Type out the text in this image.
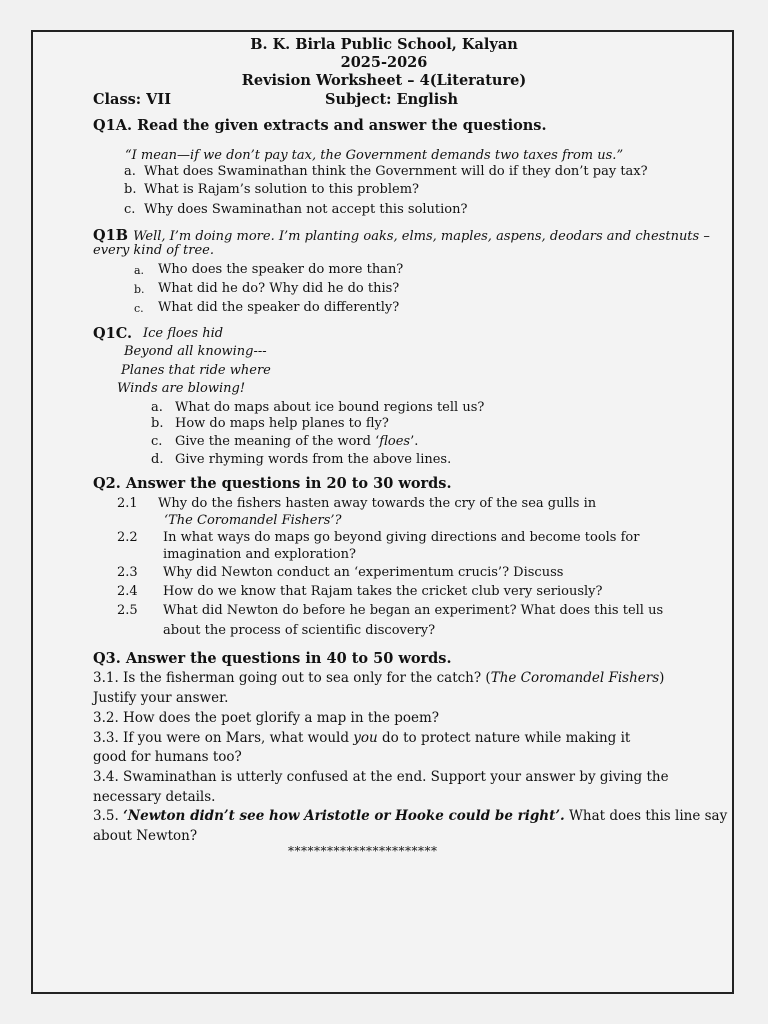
B. K. Birla Public School, Kalyan
2025-2026
Revision Worksheet – 4(Literature)
Class: VII	Subject: English
Q1A. Read the given extracts and answer the questions.
“I mean—if we don’t pay tax, the Government demands two taxes from us.”
a. What does Swaminathan think the Government will do if they don’t pay tax?
b. What is Rajam’s solution to this problem?
c. Why does Swaminathan not accept this solution?
Q1B Well, I’m doing more. I’m planting oaks, elms, maples, aspens, deodars and chestnuts –
every kind of tree.
a. Who does the speaker do more than?
b. What did he do? Why did he do this?
c. What did the speaker do differently?
Q1C. Ice floes hid
Beyond all knowing---
Planes that ride where
Winds are blowing!
a. What do maps about ice bound regions tell us?
b. How do maps help planes to fly?
c. Give the meaning of the word ‘floes’.
d. Give rhyming words from the above lines.
Q2. Answer the questions in 20 to 30 words.
2.1 Why do the fishers hasten away towards the cry of the sea gulls in
‘The Coromandel Fishers’?
2.2 In what ways do maps go beyond giving directions and become tools for
imagination and exploration?
2.3 Why did Newton conduct an ‘experimentum crucis’? Discuss
2.4 How do we know that Rajam takes the cricket club very seriously?
2.5 What did Newton do before he began an experiment? What does this tell us
about the process of scientific discovery?
Q3. Answer the questions in 40 to 50 words.
3.1. Is the fisherman going out to sea only for the catch? (The Coromandel Fishers)
Justify your answer.
3.2. How does the poet glorify a map in the poem?
3.3. If you were on Mars, what would you do to protect nature while making it
good for humans too?
3.4. Swaminathan is utterly confused at the end. Support your answer by giving the
necessary details.
3.5. ‘Newton didn’t see how Aristotle or Hooke could be right’. What does this line say
about Newton?
***********************
